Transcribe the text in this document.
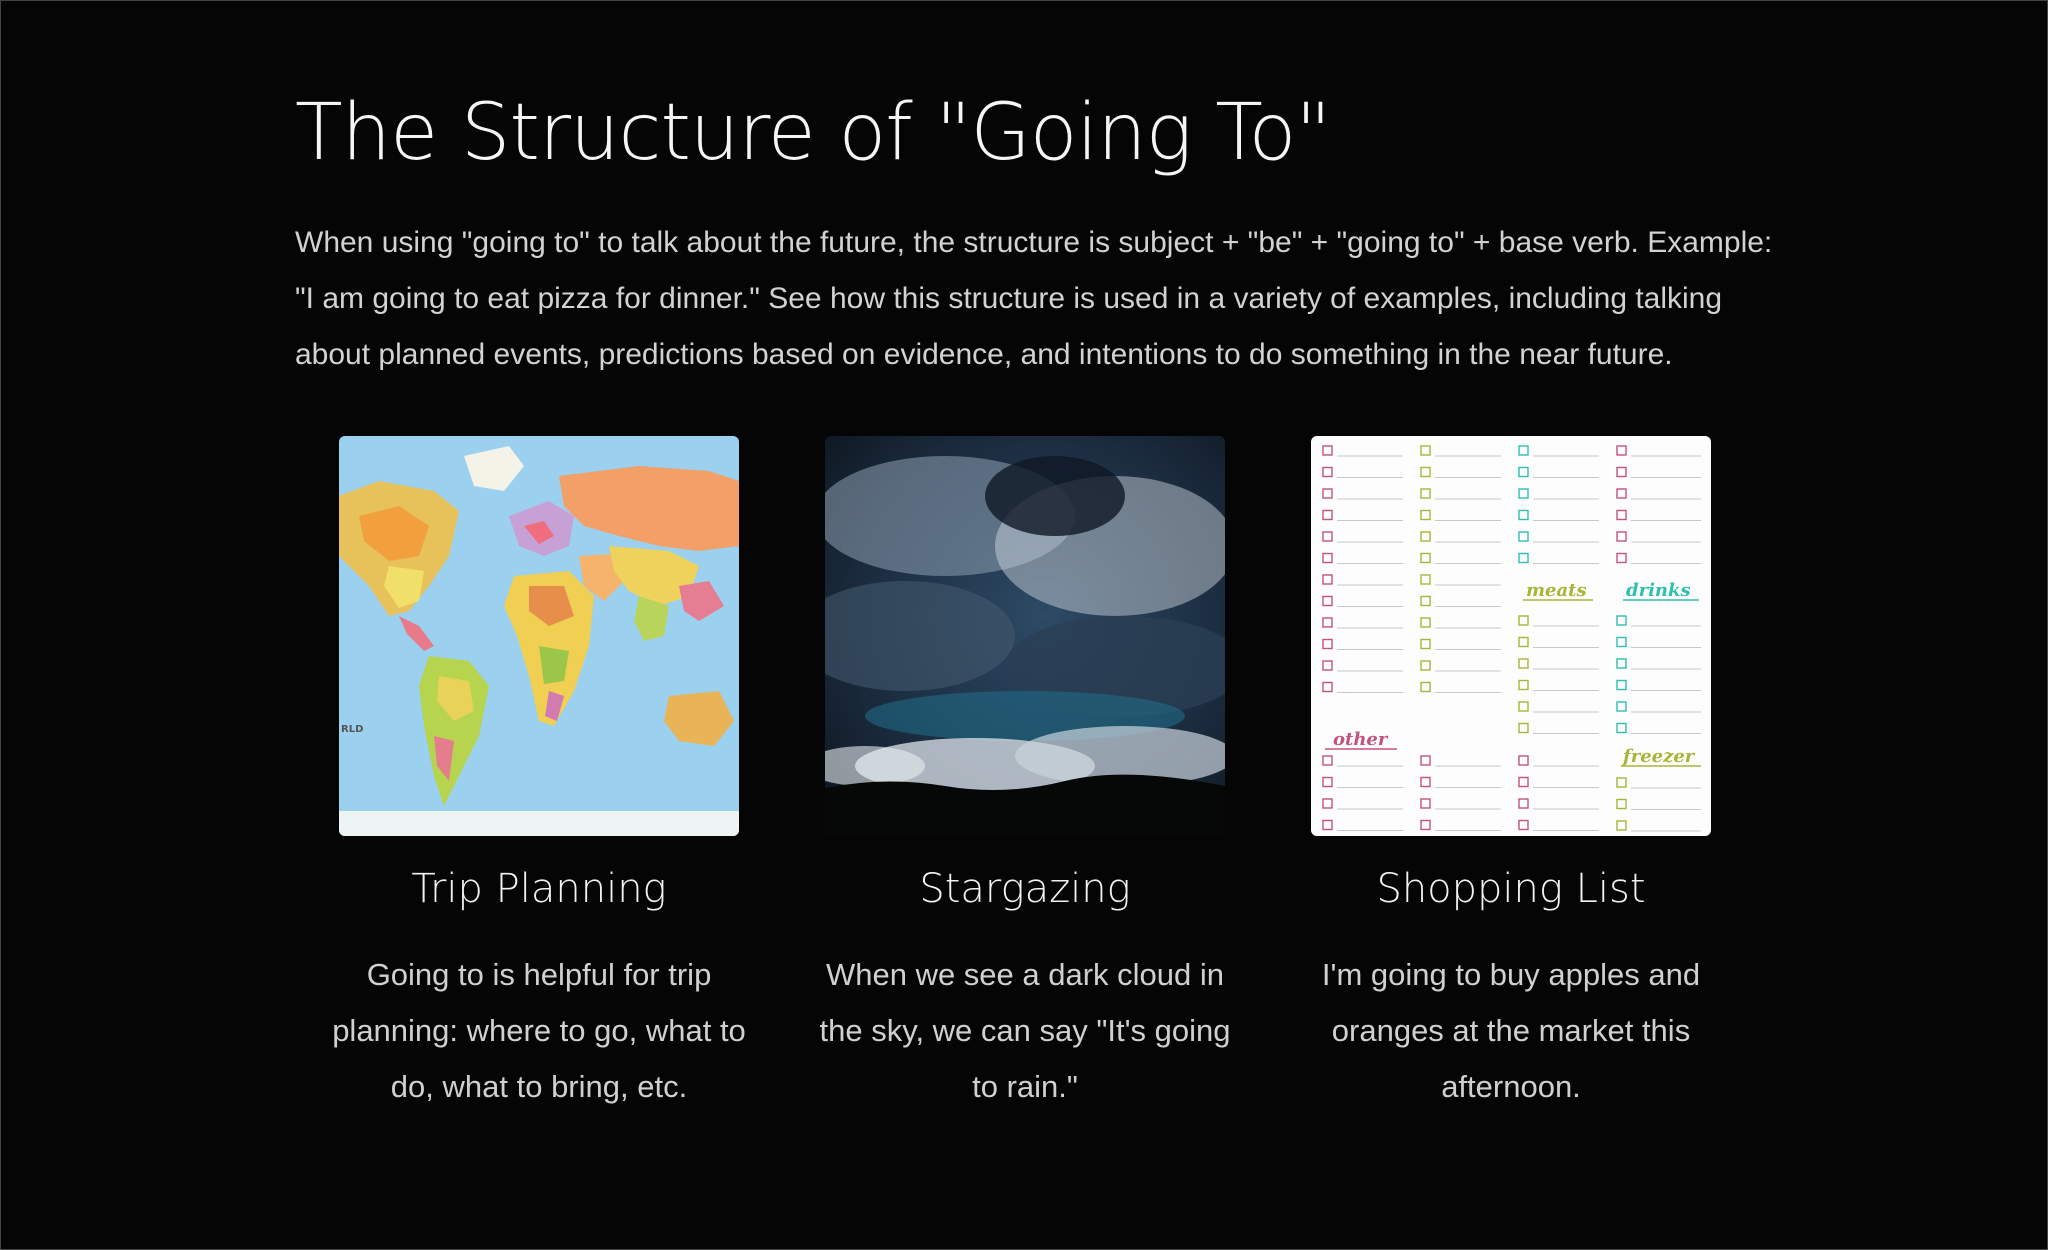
The Structure of "Going To"

When using "going to" to talk about the future, the structure is subject + "be" + "going to" + base verb. Example: "I am going to eat pizza for dinner." See how this structure is used in a variety of examples, including talking about planned events, predictions based on evidence, and intentions to do something in the near future.

RLD
Trip Planning

Going to is helpful for trip planning: where to go, what to do, what to bring, etc.

Stargazing

When we see a dark cloud in the sky, we can say "It's going to rain."

meats drinks
other
freezer
Shopping List

I'm going to buy apples and oranges at the market this afternoon.
